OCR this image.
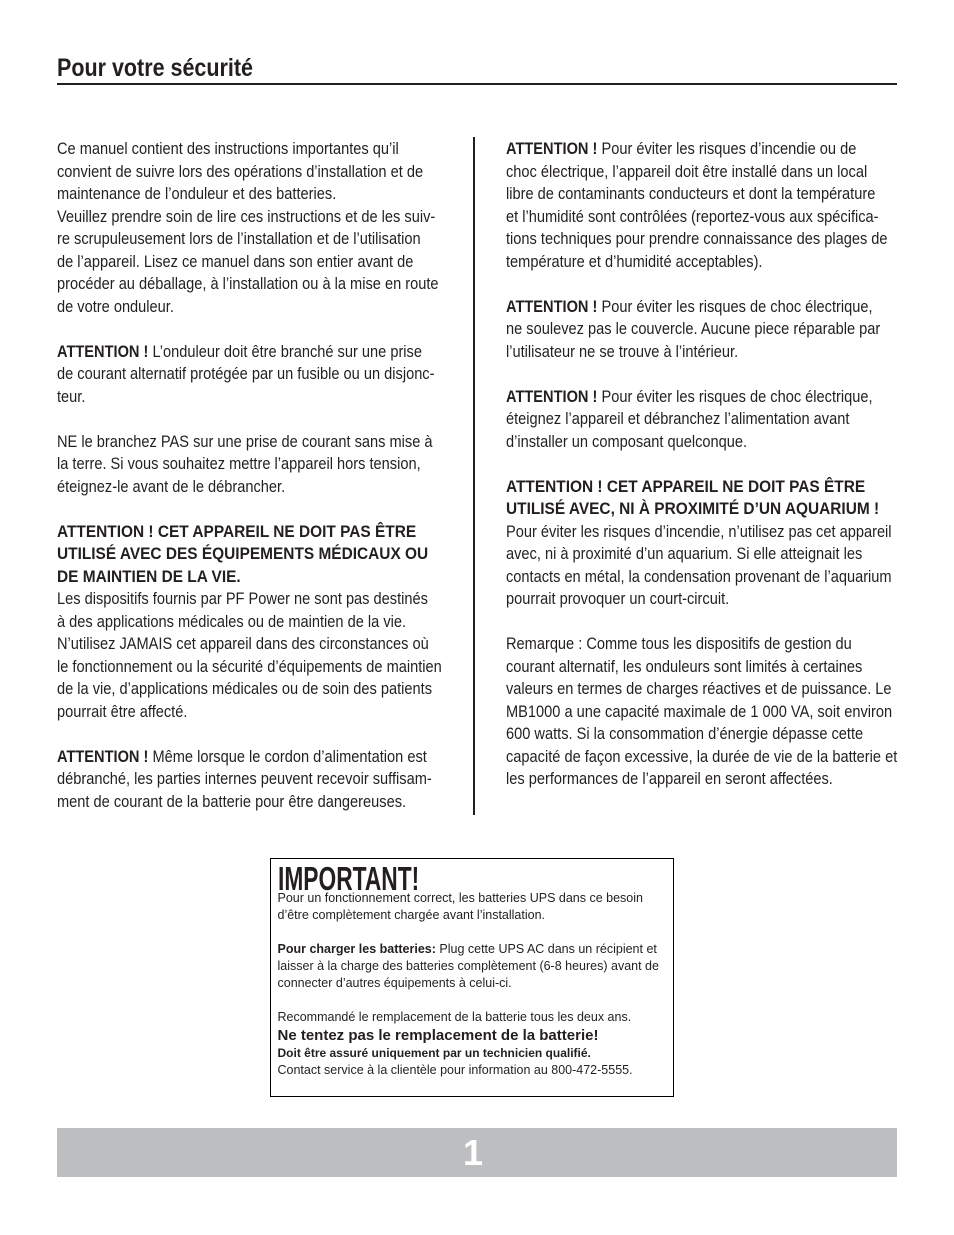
Pour votre sécurité
Ce manuel contient des instructions importantes qu’il
convient de suivre lors des opérations d’installation et de
maintenance de l’onduleur et des batteries.
Veuillez prendre soin de lire ces instructions et de les suiv-
re scrupuleusement lors de l’installation et de l’utilisation
de l’appareil. Lisez ce manuel dans son entier avant de
procéder au déballage, à l’installation ou à la mise en route
de votre onduleur.
ATTENTION ! L’onduleur doit être branché sur une prise
de courant alternatif protégée par un fusible ou un disjonc-
teur.
NE le branchez PAS sur une prise de courant sans mise à
la terre. Si vous souhaitez mettre l’appareil hors tension,
éteignez-le avant de le débrancher.
ATTENTION ! CET APPAREIL NE DOIT PAS ÊTRE
UTILISÉ AVEC DES ÉQUIPEMENTS MÉDICAUX OU
DE MAINTIEN DE LA VIE.
Les dispositifs fournis par PF Power ne sont pas destinés
à des applications médicales ou de maintien de la vie.
N’utilisez JAMAIS cet appareil dans des circonstances où
le fonctionnement ou la sécurité d’équipements de maintien
de la vie, d’applications médicales ou de soin des patients
pourrait être affecté.
ATTENTION ! Même lorsque le cordon d’alimentation est
débranché, les parties internes peuvent recevoir suffisam-
ment de courant de la batterie pour être dangereuses.
ATTENTION ! Pour éviter les risques d’incendie ou de
choc électrique, l’appareil doit être installé dans un local
libre de contaminants conducteurs et dont la température
et l’humidité sont contrôlées (reportez-vous aux spécifica-
tions techniques pour prendre connaissance des plages de
température et d’humidité acceptables).
ATTENTION ! Pour éviter les risques de choc électrique,
ne soulevez pas le couvercle. Aucune piece réparable par
l’utilisateur ne se trouve à l’intérieur.
ATTENTION ! Pour éviter les risques de choc électrique,
éteignez l’appareil et débranchez l’alimentation avant
d’installer un composant quelconque.
ATTENTION ! CET APPAREIL NE DOIT PAS ÊTRE
UTILISÉ AVEC, NI À PROXIMITÉ D’UN AQUARIUM !
Pour éviter les risques d’incendie, n’utilisez pas cet appareil
avec, ni à proximité d’un aquarium. Si elle atteignait les
contacts en métal, la condensation provenant de l’aquarium
pourrait provoquer un court-circuit.
Remarque : Comme tous les dispositifs de gestion du
courant alternatif, les onduleurs sont limités à certaines
valeurs en termes de charges réactives et de puissance. Le
MB1000 a une capacité maximale de 1 000 VA, soit environ
600 watts. Si la consommation d’énergie dépasse cette
capacité de façon excessive, la durée de vie de la batterie et
les performances de l’appareil en seront affectées.
IMPORTANT!
Pour un fonctionnement correct, les batteries UPS dans ce besoin
d’être complètement chargée avant l’installation.
Pour charger les batteries: Plug cette UPS AC dans un récipient et
laisser à la charge des batteries complètement (6-8 heures) avant de
connecter d’autres équipements à celui-ci.
Recommandé le remplacement de la batterie tous les deux ans.
Ne tentez pas le remplacement de la batterie!
Doit être assuré uniquement par un technicien qualifié.
Contact service à la clientèle pour information au 800-472-5555.
1
